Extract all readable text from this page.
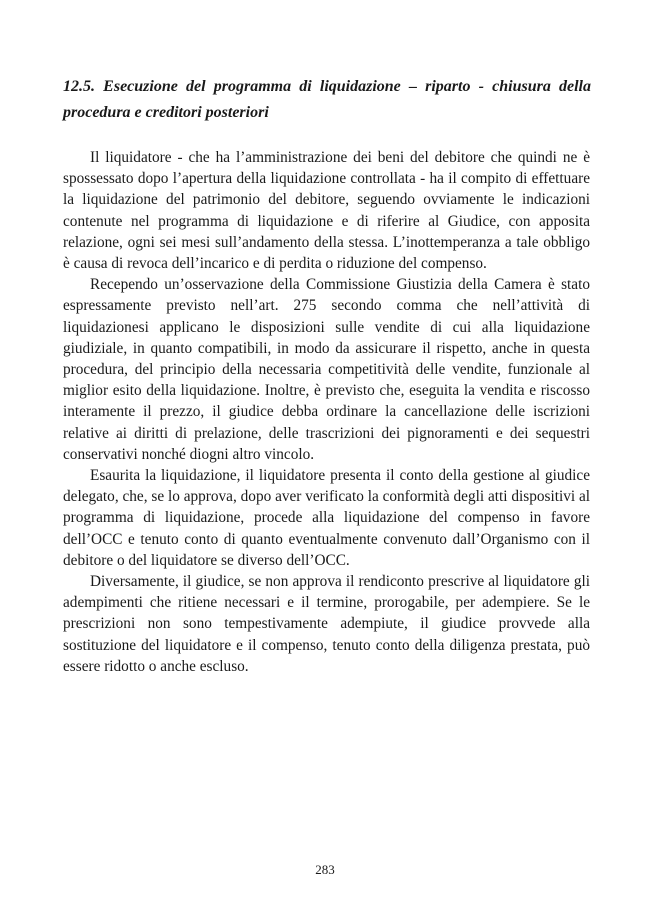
12.5. Esecuzione del programma di liquidazione – riparto - chiusura della procedura e creditori posteriori

Il liquidatore - che ha l’amministrazione dei beni del debitore che quindi ne è spossessato dopo l’apertura della liquidazione controllata - ha il compito di effettuare la liquidazione del patrimonio del debitore, seguendo ovviamente le indicazioni contenute nel programma di liquidazione e di riferire al Giudice, con apposita relazione, ogni sei mesi sull’andamento della stessa. L’inottemperanza a tale obbligo è causa di revoca dell’incarico e di perdita o riduzione del compenso.

Recependo un’osservazione della Commissione Giustizia della Camera è stato espressamente previsto nell’art. 275 secondo comma che nell’attività di liquidazionesi applicano le disposizioni sulle vendite di cui alla liquidazione giudiziale, in quanto compatibili, in modo da assicurare il rispetto, anche in questa procedura, del principio della necessaria competitività delle vendite, funzionale al miglior esito della liquidazione. Inoltre, è previsto che, eseguita la vendita e riscosso interamente il prezzo, il giudice debba ordinare la cancellazione delle iscrizioni relative ai diritti di prelazione, delle trascrizioni dei pignoramenti e dei sequestri conservativi nonché diogni altro vincolo.

Esaurita la liquidazione, il liquidatore presenta il conto della gestione al giudice delegato, che, se lo approva, dopo aver verificato la conformità degli atti dispositivi al programma di liquidazione, procede alla liquidazione del compenso in favore dell’OCC e tenuto conto di quanto eventualmente convenuto dall’Organismo con il debitore o del liquidatore se diverso dell’OCC.

Diversamente, il giudice, se non approva il rendiconto prescrive al liquidatore gli adempimenti che ritiene necessari e il termine, prorogabile, per adempiere. Se le prescrizioni non sono tempestivamente adempiute, il giudice provvede alla sostituzione del liquidatore e il compenso, tenuto conto della diligenza prestata, può essere ridotto o anche escluso.

283
